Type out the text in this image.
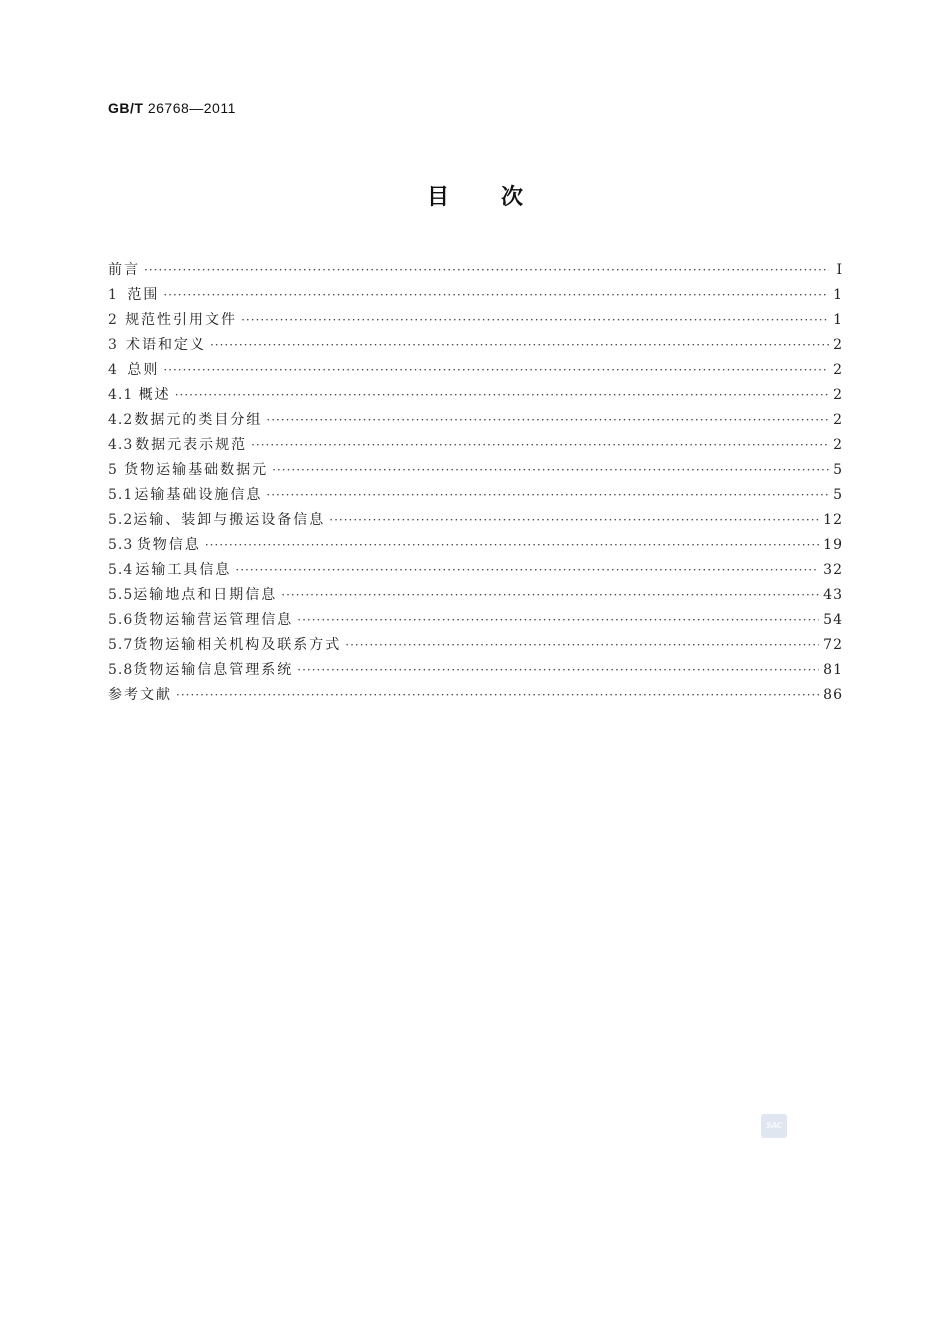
GB/T 26768—2011
目次
前言 ·····	Ⅰ
1 范围 ·····	1
2 规范性引用文件 ·····	1
3 术语和定义 ·····	2
4 总则 ·····	2
4.1 概述 ·····	2
4.2 数据元的类目分组 ·····	2
4.3 数据元表示规范 ·····	2
5 货物运输基础数据元 ·····	5
5.1 运输基础设施信息 ·····	5
5.2 运输、装卸与搬运设备信息 ·····	12
5.3 货物信息 ·····	19
5.4 运输工具信息 ·····	32
5.5 运输地点和日期信息 ·····	43
5.6 货物运输营运管理信息 ·····	54
5.7 货物运输相关机构及联系方式 ·····	72
5.8 货物运输信息管理系统 ·····	81
参考文献 ·····	86
SAC
